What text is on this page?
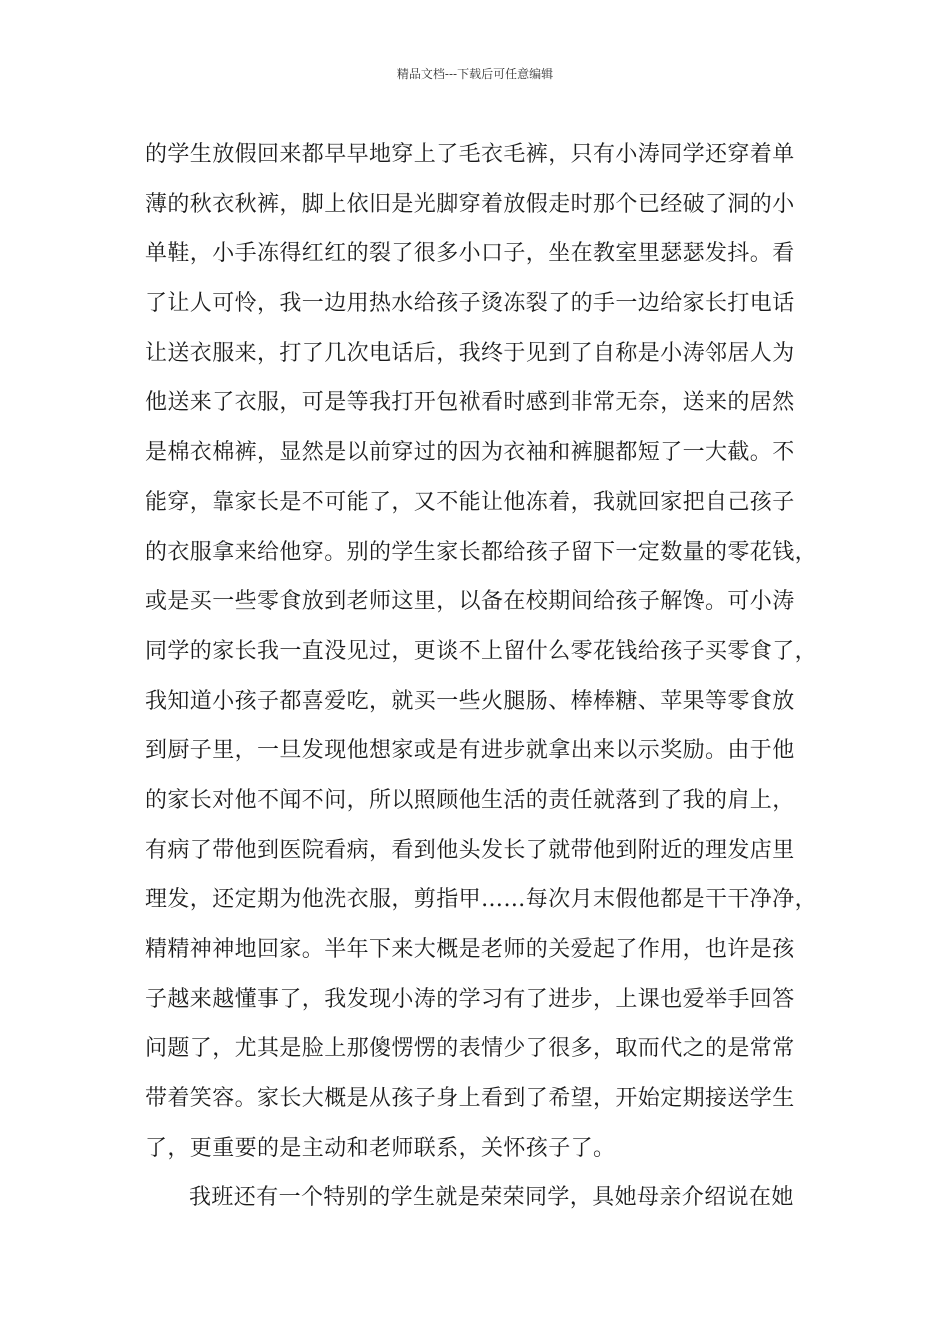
精品文档---下载后可任意编辑
的学生放假回来都早早地穿上了毛衣毛裤，只有小涛同学还穿着单
薄的秋衣秋裤，脚上依旧是光脚穿着放假走时那个已经破了洞的小
单鞋，小手冻得红红的裂了很多小口子，坐在教室里瑟瑟发抖。看
了让人可怜，我一边用热水给孩子烫冻裂了的手一边给家长打电话
让送衣服来，打了几次电话后，我终于见到了自称是小涛邻居人为
他送来了衣服，可是等我打开包袱看时感到非常无奈，送来的居然
是棉衣棉裤，显然是以前穿过的因为衣袖和裤腿都短了一大截。不
能穿，靠家长是不可能了，又不能让他冻着，我就回家把自己孩子
的衣服拿来给他穿。别的学生家长都给孩子留下一定数量的零花钱，
或是买一些零食放到老师这里，以备在校期间给孩子解馋。可小涛
同学的家长我一直没见过，更谈不上留什么零花钱给孩子买零食了，
我知道小孩子都喜爱吃，就买一些火腿肠、棒棒糖、苹果等零食放
到厨子里，一旦发现他想家或是有进步就拿出来以示奖励。由于他
的家长对他不闻不问，所以照顾他生活的责任就落到了我的肩上，
有病了带他到医院看病，看到他头发长了就带他到附近的理发店里
理发，还定期为他洗衣服，剪指甲……每次月末假他都是干干净净，
精精神神地回家。半年下来大概是老师的关爱起了作用，也许是孩
子越来越懂事了，我发现小涛的学习有了进步，上课也爱举手回答
问题了，尤其是脸上那傻愣愣的表情少了很多，取而代之的是常常
带着笑容。家长大概是从孩子身上看到了希望，开始定期接送学生
了，更重要的是主动和老师联系，关怀孩子了。
我班还有一个特别的学生就是荣荣同学，具她母亲介绍说在她
